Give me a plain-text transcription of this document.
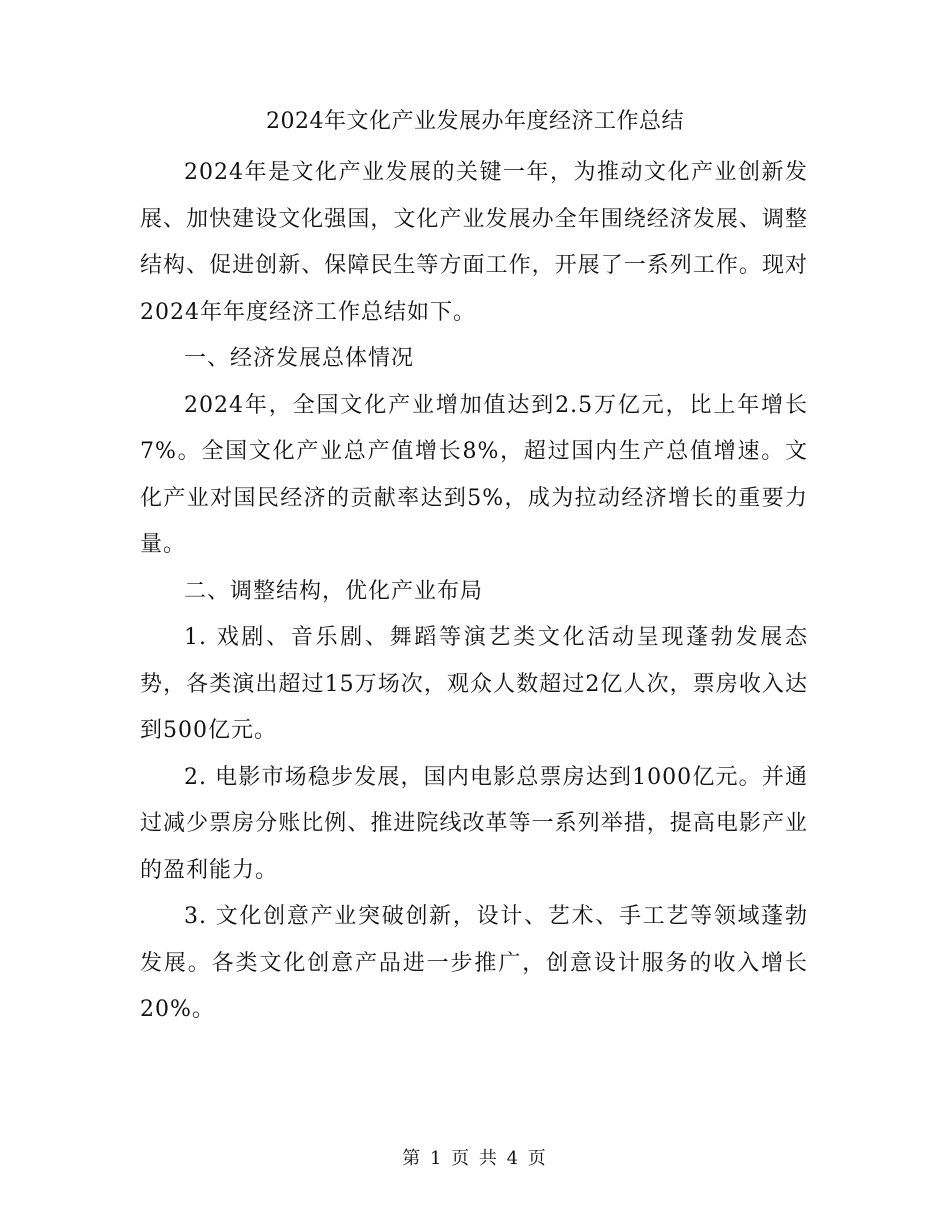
2024年文化产业发展办年度经济工作总结

2024年是文化产业发展的关键一年，为推动文化产业创新发展、加快建设文化强国，文化产业发展办全年围绕经济发展、调整结构、促进创新、保障民生等方面工作，开展了一系列工作。现对2024年年度经济工作总结如下。

一、经济发展总体情况

2024年，全国文化产业增加值达到2.5万亿元，比上年增长7%。全国文化产业总产值增长8%，超过国内生产总值增速。文化产业对国民经济的贡献率达到5%，成为拉动经济增长的重要力量。

二、调整结构，优化产业布局

1. 戏剧、音乐剧、舞蹈等演艺类文化活动呈现蓬勃发展态势，各类演出超过15万场次，观众人数超过2亿人次，票房收入达到500亿元。

2. 电影市场稳步发展，国内电影总票房达到1000亿元。并通过减少票房分账比例、推进院线改革等一系列举措，提高电影产业的盈利能力。

3. 文化创意产业突破创新，设计、艺术、手工艺等领域蓬勃发展。各类文化创意产品进一步推广，创意设计服务的收入增长20%。

第 1 页 共 4 页
